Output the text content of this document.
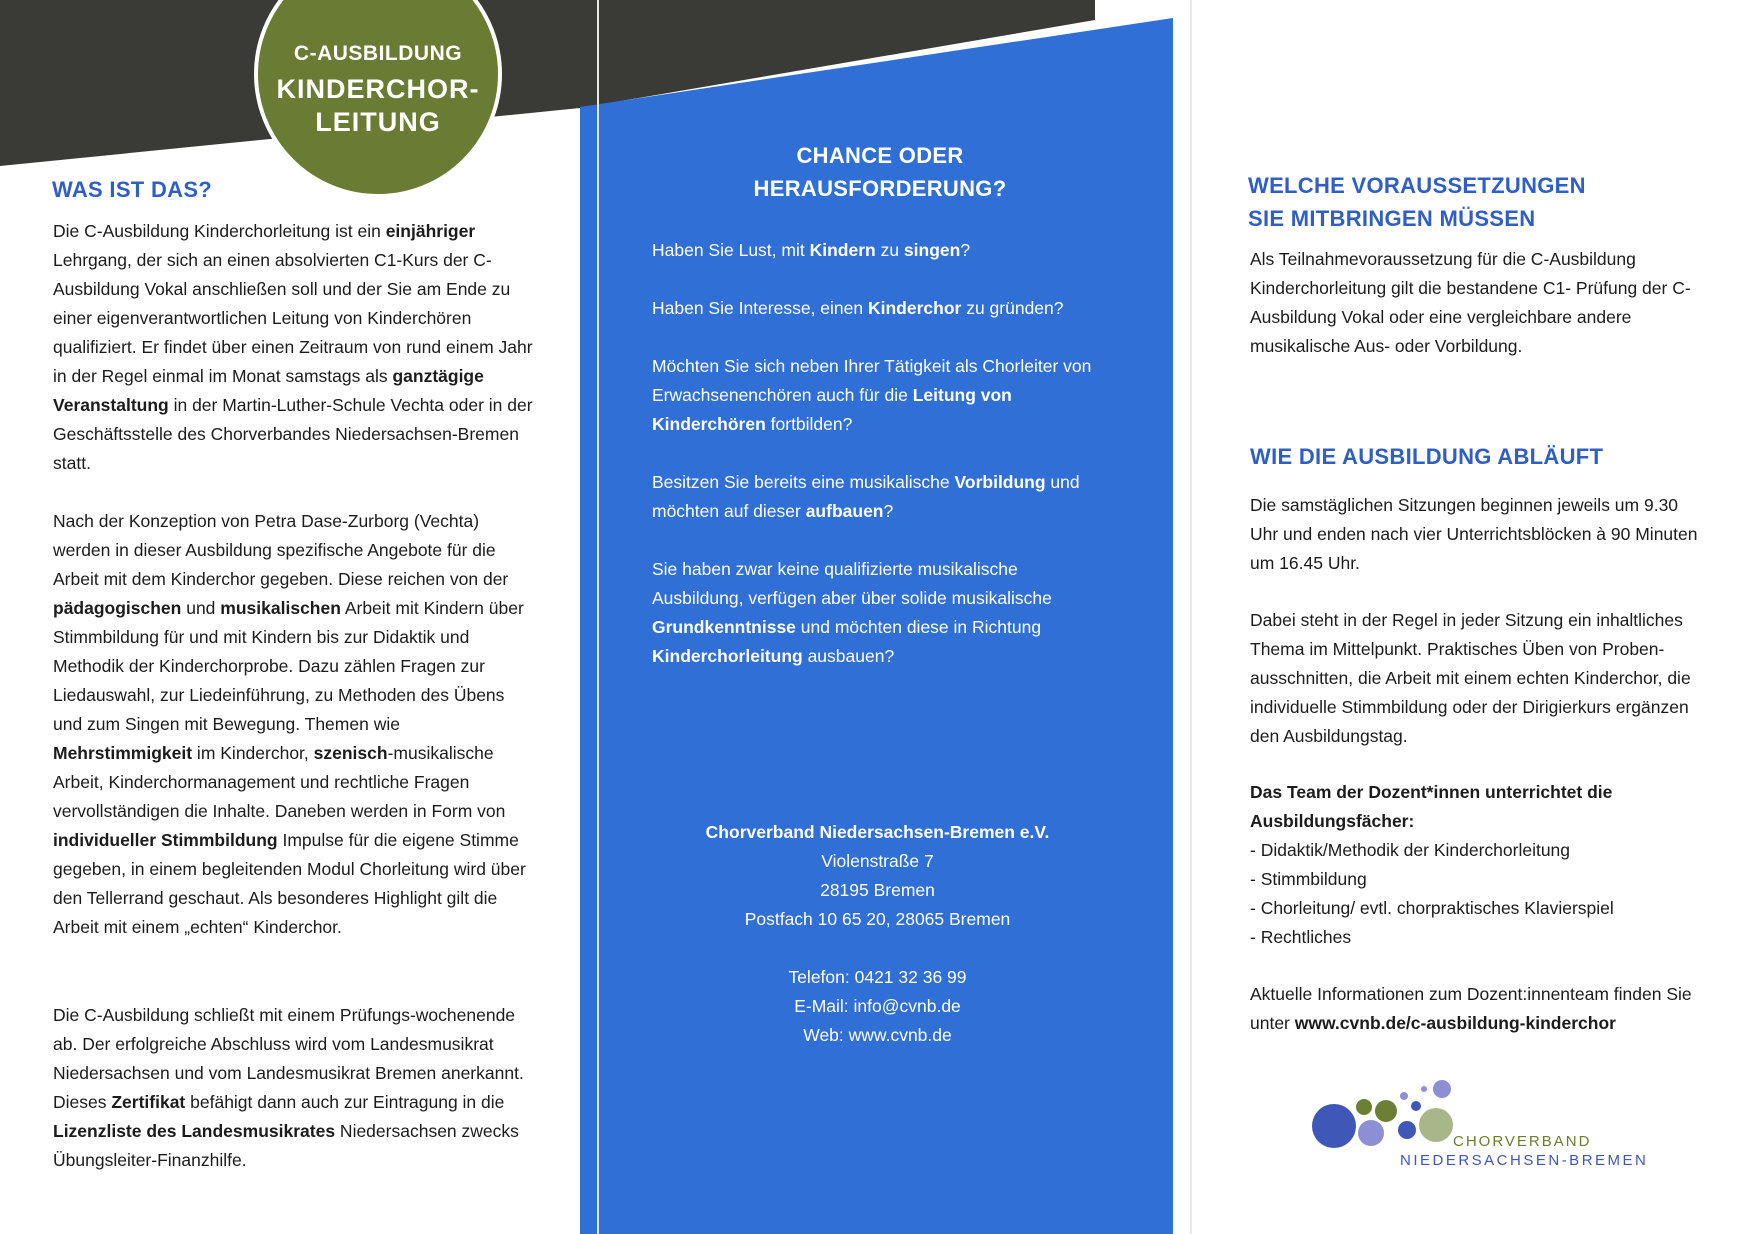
C-AUSBILDUNG
KINDERCHOR-
LEITUNG
WAS IST DAS?

Die C-Ausbildung Kinderchorleitung ist ein einjähriger Lehrgang, der sich an einen absolvierten C1-Kurs der C-Ausbildung Vokal anschließen soll und der Sie am Ende zu einer eigenverantwortlichen Leitung von Kinderchören qualifiziert. Er findet über einen Zeitraum von rund einem Jahr in der Regel einmal im Monat samstags als ganztägige Veranstaltung in der Martin-Luther-Schule Vechta oder in der Geschäftsstelle des Chorverbandes Niedersachsen-Bremen statt.

Nach der Konzeption von Petra Dase-Zurborg (Vechta) werden in dieser Ausbildung spezifische Angebote für die Arbeit mit dem Kinderchor gegeben. Diese reichen von der pädagogischen und musikalischen Arbeit mit Kindern über Stimmbildung für und mit Kindern bis zur Didaktik und Methodik der Kinderchorprobe. Dazu zählen Fragen zur Liedauswahl, zur Liedeinführung, zu Methoden des Übens und zum Singen mit Bewegung. Themen wie Mehrstimmigkeit im Kinderchor, szenisch-musikalische Arbeit, Kinderchormanagement und rechtliche Fragen vervollständigen die Inhalte. Daneben werden in Form von individueller Stimmbildung Impulse für die eigene Stimme gegeben, in einem begleitenden Modul Chorleitung wird über den Tellerrand geschaut. Als besonderes Highlight gilt die Arbeit mit einem „echten“ Kinderchor.

Die C-Ausbildung schließt mit einem Prüfungs-wochenende ab. Der erfolgreiche Abschluss wird vom Landesmusikrat Niedersachsen und vom Landesmusikrat Bremen anerkannt. Dieses Zertifikat befähigt dann auch zur Eintragung in die Lizenzliste des Landesmusikrates Niedersachsen zwecks Übungsleiter-Finanzhilfe.

CHANCE ODER
HERAUSFORDERUNG?

Haben Sie Lust, mit Kindern zu singen?

Haben Sie Interesse, einen Kinderchor zu gründen?

Möchten Sie sich neben Ihrer Tätigkeit als Chorleiter von Erwachsenenchören auch für die Leitung von Kinderchören fortbilden?

Besitzen Sie bereits eine musikalische Vorbildung und möchten auf dieser aufbauen?

Sie haben zwar keine qualifizierte musikalische Ausbildung, verfügen aber über solide musikalische Grundkenntnisse und möchten diese in Richtung Kinderchorleitung ausbauen?

Chorverband Niedersachsen-Bremen e.V.
Violenstraße 7
28195 Bremen
Postfach 10 65 20, 28065 Bremen
Telefon: 0421 32 36 99
E-Mail: info@cvnb.de
Web: www.cvnb.de
WELCHE VORAUSSETZUNGEN
SIE MITBRINGEN MÜSSEN

Als Teilnahmevoraussetzung für die C-Ausbildung Kinderchorleitung gilt die bestandene C1- Prüfung der C-Ausbildung Vokal oder eine vergleichbare andere musikalische Aus- oder Vorbildung.

WIE DIE AUSBILDUNG ABLÄUFT

Die samstäglichen Sitzungen beginnen jeweils um 9.30 Uhr und enden nach vier Unterrichtsblöcken à 90 Minuten um 16.45 Uhr.

Dabei steht in der Regel in jeder Sitzung ein inhaltliches Thema im Mittelpunkt. Praktisches Üben von Proben-ausschnitten, die Arbeit mit einem echten Kinderchor, die individuelle Stimmbildung oder der Dirigierkurs ergänzen den Ausbildungstag.

Das Team der Dozent*innen unterrichtet die Ausbildungsfächer:
- Didaktik/Methodik der Kinderchorleitung
- Stimmbildung
- Chorleitung/ evtl. chorpraktisches Klavierspiel
- Rechtliches

Aktuelle Informationen zum Dozent:innenteam finden Sie unter www.cvnb.de/c-ausbildung-kinderchor

CHORVERBAND
NIEDERSACHSEN-BREMEN
